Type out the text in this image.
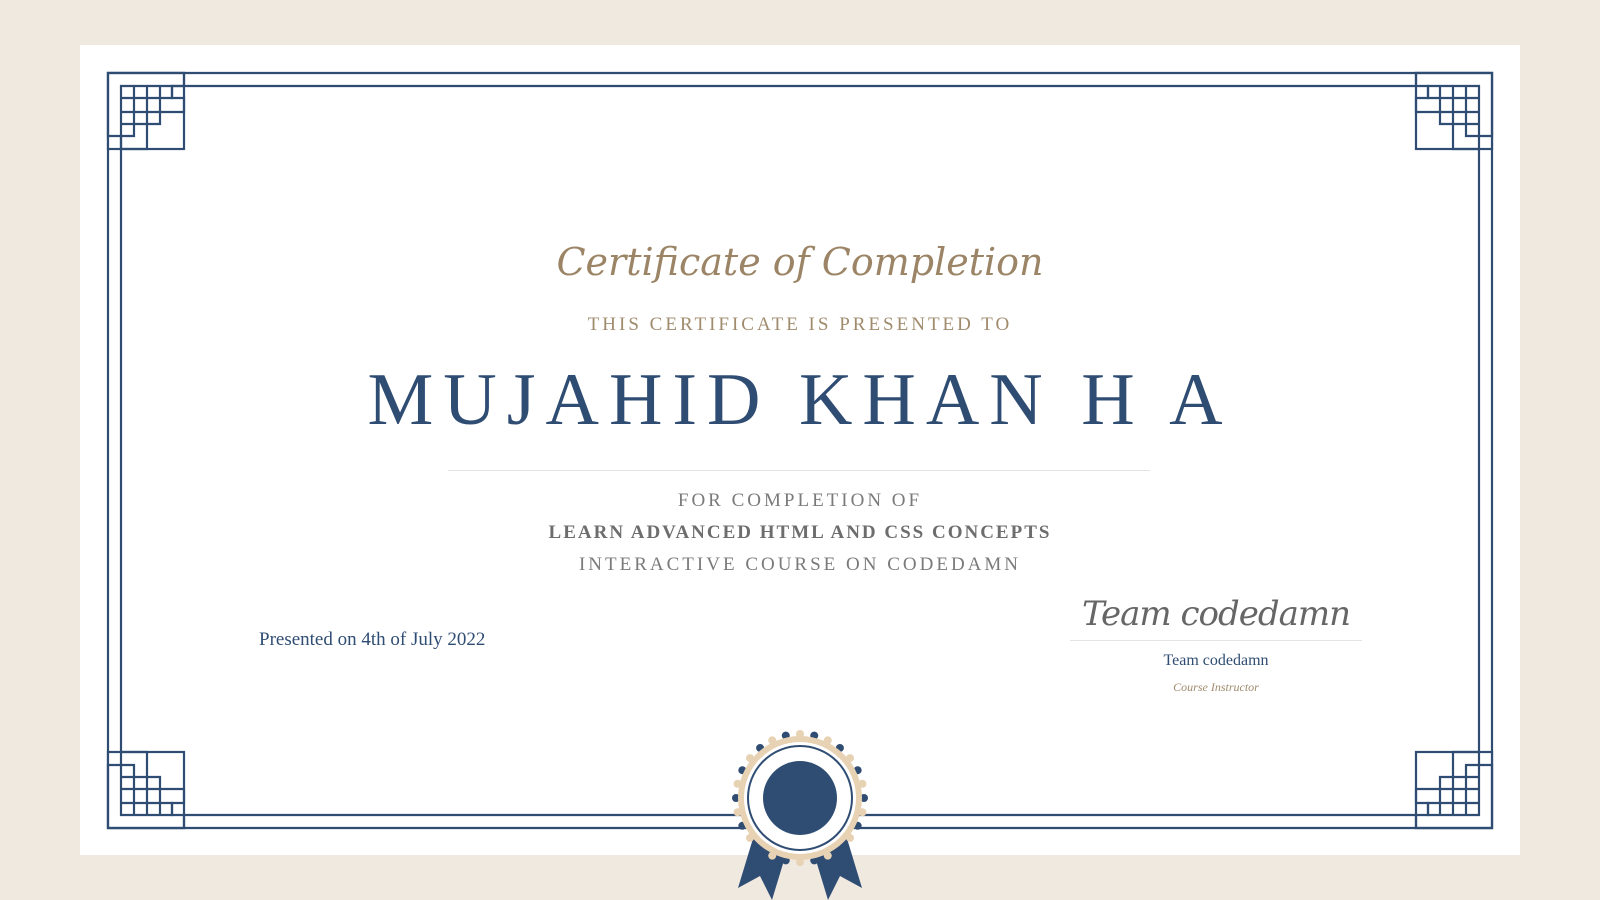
Certificate of Completion
THIS CERTIFICATE IS PRESENTED TO
MUJAHID KHAN H A
FOR COMPLETION OF
LEARN ADVANCED HTML AND CSS CONCEPTS
INTERACTIVE COURSE ON CODEDAMN
Presented on 4th of July 2022
Team codedamn
Team codedamn
Course Instructor
